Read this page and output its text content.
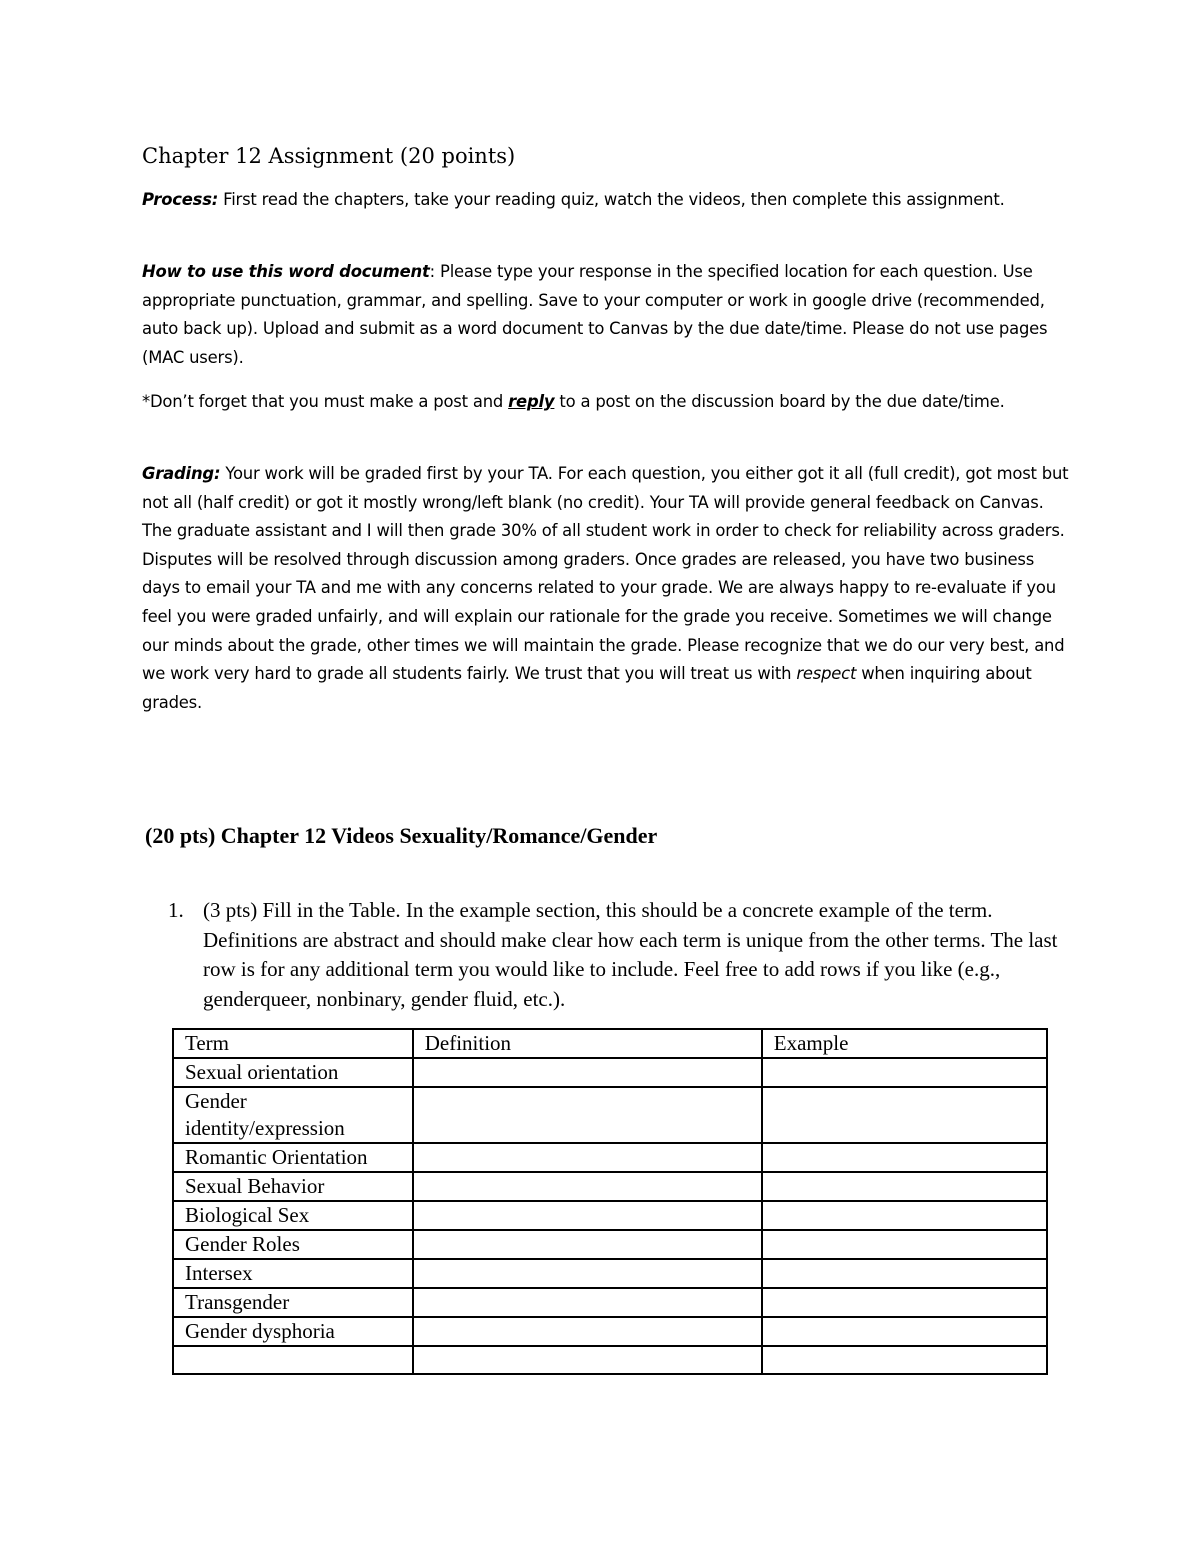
Chapter 12 Assignment (20 points)

Process: First read the chapters, take your reading quiz, watch the videos, then complete this assignment.

How to use this word document: Please type your response in the specified location for each question. Use appropriate punctuation, grammar, and spelling. Save to your computer or work in google drive (recommended, auto back up). Upload and submit as a word document to Canvas by the due date/time. Please do not use pages (MAC users).

*Don’t forget that you must make a post and reply to a post on the discussion board by the due date/time.

Grading: Your work will be graded first by your TA. For each question, you either got it all (full credit), got most but not all (half credit) or got it mostly wrong/left blank (no credit). Your TA will provide general feedback on Canvas. The graduate assistant and I will then grade 30% of all student work in order to check for reliability across graders. Disputes will be resolved through discussion among graders. Once grades are released, you have two business days to email your TA and me with any concerns related to your grade. We are always happy to re-evaluate if you feel you were graded unfairly, and will explain our rationale for the grade you receive. Sometimes we will change our minds about the grade, other times we will maintain the grade. Please recognize that we do our very best, and we work very hard to grade all students fairly. We trust that you will treat us with respect when inquiring about grades.

(20 pts) Chapter 12 Videos Sexuality/Romance/Gender
1. (3 pts) Fill in the Table. In the example section, this should be a concrete example of the term. Definitions are abstract and should make clear how each term is unique from the other terms. The last row is for any additional term you would like to include. Feel free to add rows if you like (e.g., genderqueer, nonbinary, gender fluid, etc.).
Term	Definition	Example
Sexual orientation		
Gender identity/expression		
Romantic Orientation		
Sexual Behavior		
Biological Sex		
Gender Roles		
Intersex		
Transgender		
Gender dysphoria		
